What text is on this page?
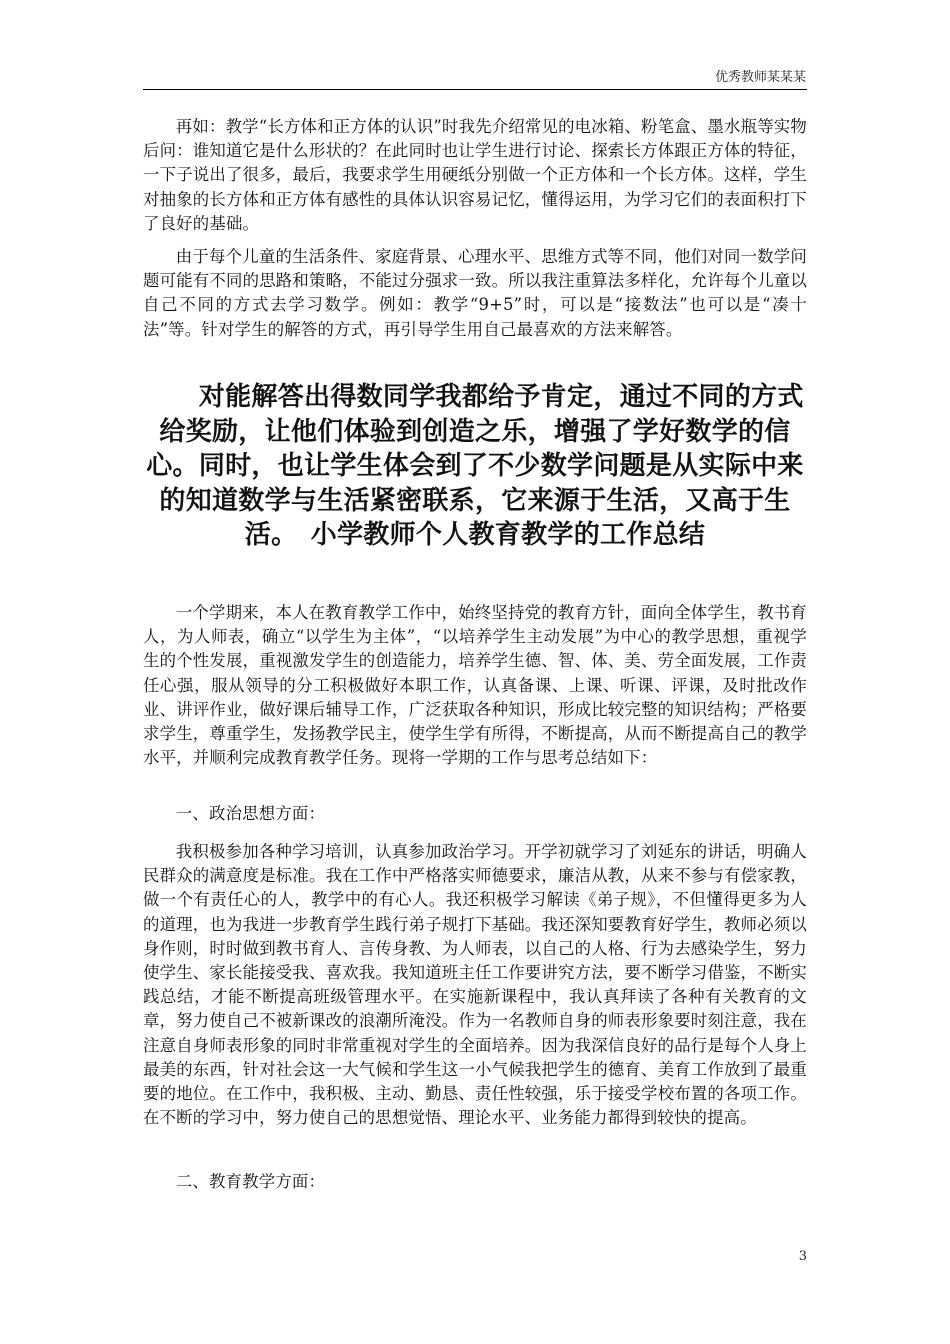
优秀教师某某某

再如：教学“长方体和正方体的认识”时我先介绍常见的电冰箱、粉笔盒、墨水瓶等实物后问：谁知道它是什么形状的？在此同时也让学生进行讨论、探索长方体跟正方体的特征，一下子说出了很多，最后，我要求学生用硬纸分别做一个正方体和一个长方体。这样，学生对抽象的长方体和正方体有感性的具体认识容易记忆，懂得运用，为学习它们的表面积打下了良好的基础。

由于每个儿童的生活条件、家庭背景、心理水平、思维方式等不同，他们对同一数学问题可能有不同的思路和策略，不能过分强求一致。所以我注重算法多样化，允许每个儿童以自己不同的方式去学习数学。例如：教学“9+5”时，可以是“接数法”也可以是“凑十法”等。针对学生的解答的方式，再引导学生用自己最喜欢的方法来解答。

　　对能解答出得数同学我都给予肯定，通过不同的方式给奖励，让他们体验到创造之乐，增强了学好数学的信心。同时，也让学生体会到了不少数学问题是从实际中来的知道数学与生活紧密联系，它来源于生活，又高于生活。　小学教师个人教育教学的工作总结

一个学期来，本人在教育教学工作中，始终坚持党的教育方针，面向全体学生，教书育人，为人师表，确立“以学生为主体”，“以培养学生主动发展”为中心的教学思想，重视学生的个性发展，重视激发学生的创造能力，培养学生德、智、体、美、劳全面发展，工作责任心强，服从领导的分工积极做好本职工作，认真备课、上课、听课、评课，及时批改作业、讲评作业，做好课后辅导工作，广泛获取各种知识，形成比较完整的知识结构；严格要求学生，尊重学生，发扬教学民主，使学生学有所得，不断提高，从而不断提高自己的教学水平，并顺利完成教育教学任务。现将一学期的工作与思考总结如下：

一、政治思想方面：

我积极参加各种学习培训，认真参加政治学习。开学初就学习了刘延东的讲话，明确人民群众的满意度是标准。我在工作中严格落实师德要求，廉洁从教，从来不参与有偿家教，做一个有责任心的人，教学中的有心人。我还积极学习解读《弟子规》，不但懂得更多为人的道理，也为我进一步教育学生践行弟子规打下基础。我还深知要教育好学生，教师必须以身作则，时时做到教书育人、言传身教、为人师表，以自己的人格、行为去感染学生，努力使学生、家长能接受我、喜欢我。我知道班主任工作要讲究方法，要不断学习借鉴，不断实践总结，才能不断提高班级管理水平。在实施新课程中，我认真拜读了各种有关教育的文章，努力使自己不被新课改的浪潮所淹没。作为一名教师自身的师表形象要时刻注意，我在注意自身师表形象的同时非常重视对学生的全面培养。因为我深信良好的品行是每个人身上最美的东西，针对社会这一大气候和学生这一小气候我把学生的德育、美育工作放到了最重要的地位。在工作中，我积极、主动、勤恳、责任性较强，乐于接受学校布置的各项工作。在不断的学习中，努力使自己的思想觉悟、理论水平、业务能力都得到较快的提高。

二、教育教学方面：

3
